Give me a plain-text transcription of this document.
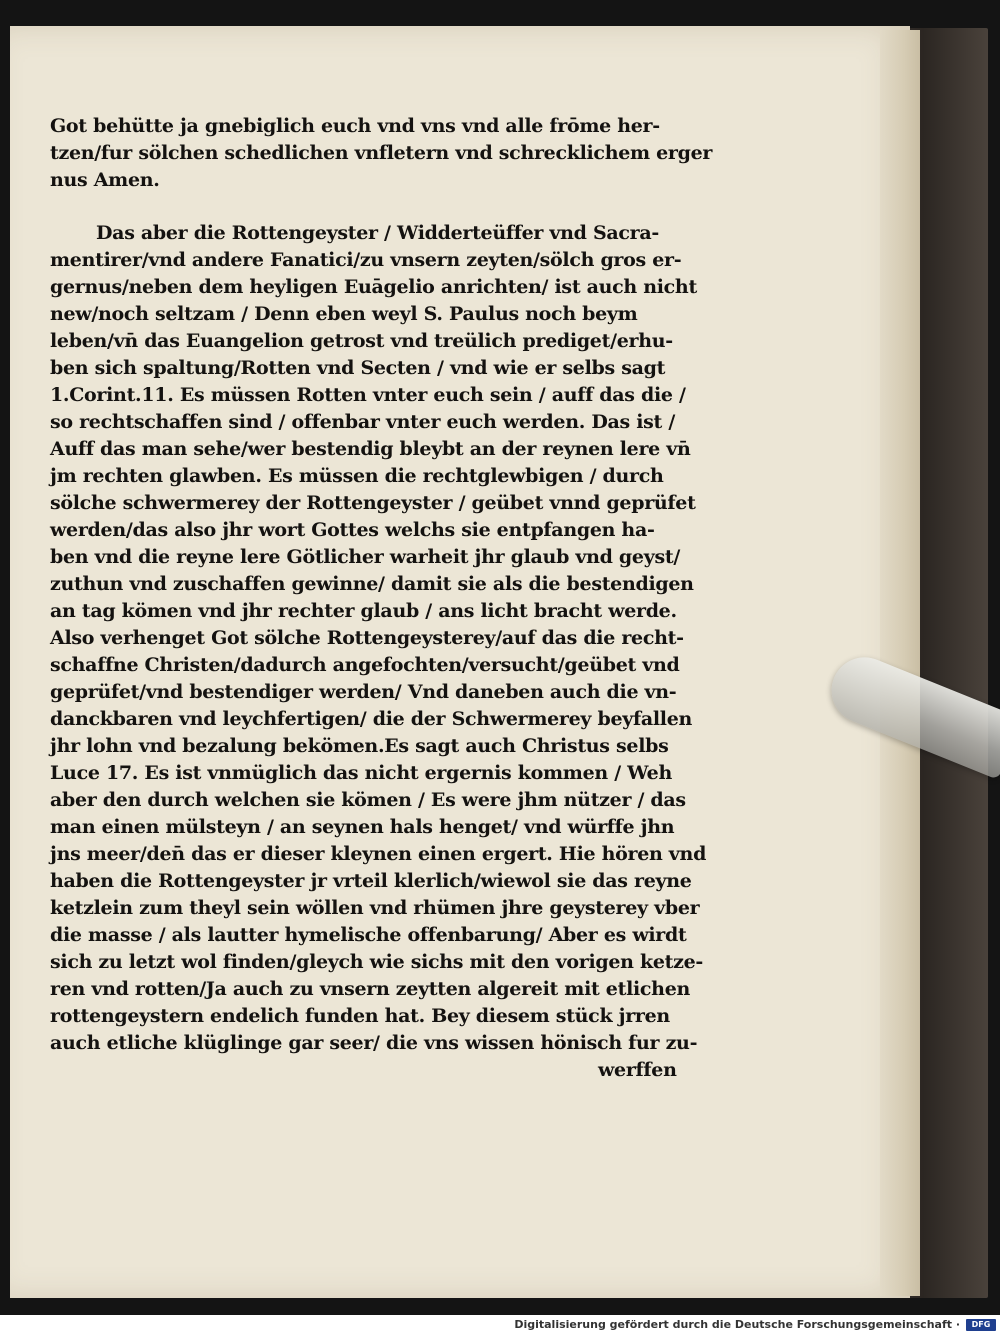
Got behütte ja gnebiglich euch vnd vns vnd alle frōme her‑
tzen/fur sölchen schedlichen vnfletern vnd schrecklichem erger
nus Amen.
Das aber die Rottengeyster / Widderteüffer vnd Sacra‑
mentirer/vnd andere Fanatici/zu vnsern zeyten/sölch gros er‑
gernus/neben dem heyligen Euāgelio anrichten/ ist auch nicht
new/noch seltzam / Denn eben weyl S. Paulus noch beym
leben/vn̄ das Euangelion getrost vnd treülich prediget/erhu‑
ben sich spaltung/Rotten vnd Secten / vnd wie er selbs sagt
1.Corint.11. Es müssen Rotten vnter euch sein / auff das die /
so rechtschaffen sind / offenbar vnter euch werden. Das ist /
Auff das man sehe/wer bestendig bleybt an der reynen lere vn̄
jm rechten glawben. Es müssen die rechtglewbigen / durch
sölche schwermerey der Rottengeyster / geübet vnnd geprüfet
werden/das also jhr wort Gottes welchs sie entpfangen ha‑
ben vnd die reyne lere Götlicher warheit jhr glaub vnd geyst/
zuthun vnd zuschaffen gewinne/ damit sie als die bestendigen
an tag kömen vnd jhr rechter glaub / ans licht bracht werde.
Also verhenget Got sölche Rottengeysterey/auf das die recht‑
schaffne Christen/dadurch angefochten/versucht/geübet vnd
geprüfet/vnd bestendiger werden/ Vnd daneben auch die vn‑
danckbaren vnd leychfertigen/ die der Schwermerey beyfallen
jhr lohn vnd bezalung bekömen.Es sagt auch Christus selbs
Luce 17. Es ist vnmüglich das nicht ergernis kommen / Weh
aber den durch welchen sie kömen / Es were jhm nützer / das
man einen mülsteyn / an seynen hals henget/ vnd würffe jhn
jns meer/den̄ das er dieser kleynen einen ergert. Hie hören vnd
haben die Rottengeyster jr vrteil klerlich/wiewol sie das reyne
ketzlein zum theyl sein wöllen vnd rhümen jhre geysterey vber
die masse / als lautter hymelische offenbarung/ Aber es wirdt
sich zu letzt wol finden/gleych wie sichs mit den vorigen ketze‑
ren vnd rotten/Ja auch zu vnsern zeytten algereit mit etlichen
rottengeystern endelich funden hat. Bey diesem stück jrren
auch etliche klüglinge gar seer/ die vns wissen hönisch fur zu‑
werffen
Digitalisierung gefördert durch die Deutsche Forschungsgemeinschaft ·	DFG
